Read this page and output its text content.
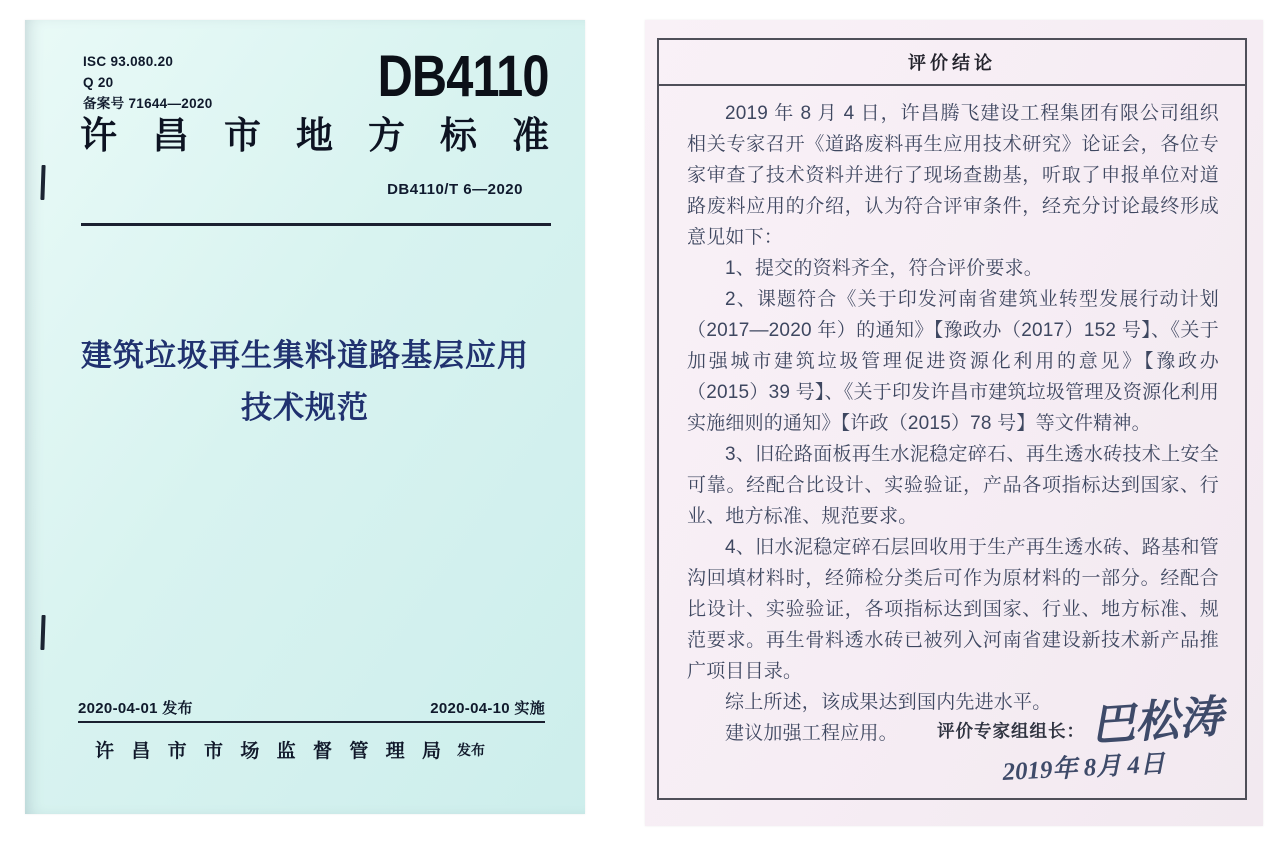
ISC 93.080.20
Q 20
备案号 71644—2020	DB4110
许 昌 市 地 方 标 准
DB4110/T 6—2020
建筑垃圾再生集料道路基层应用
技术规范
2020-04-01 发布	2020-04-10 实施
许 昌 市 市 场 监 督 管 理 局 发布
评价结论

2019 年 8 月 4 日，许昌腾飞建设工程集团有限公司组织相关专家召开《道路废料再生应用技术研究》论证会，各位专家审查了技术资料并进行了现场查勘基，听取了申报单位对道路废料应用的介绍，认为符合评审条件，经充分讨论最终形成意见如下：

1、提交的资料齐全，符合评价要求。

2、课题符合《关于印发河南省建筑业转型发展行动计划（2017—2020 年）的通知》【豫政办（2017）152 号】、《关于加强城市建筑垃圾管理促进资源化利用的意见》【豫政办（2015）39 号】、《关于印发许昌市建筑垃圾管理及资源化利用实施细则的通知》【许政（2015）78 号】等文件精神。

3、旧砼路面板再生水泥稳定碎石、再生透水砖技术上安全可靠。经配合比设计、实验验证，产品各项指标达到国家、行业、地方标准、规范要求。

4、旧水泥稳定碎石层回收用于生产再生透水砖、路基和管沟回填材料时，经筛检分类后可作为原材料的一部分。经配合比设计、实验验证，各项指标达到国家、行业、地方标准、规范要求。再生骨料透水砖已被列入河南省建设新技术新产品推广项目目录。

综上所述，该成果达到国内先进水平。

建议加强工程应用。	评价专家组组长： 巴松涛
2019年 8月 4日
